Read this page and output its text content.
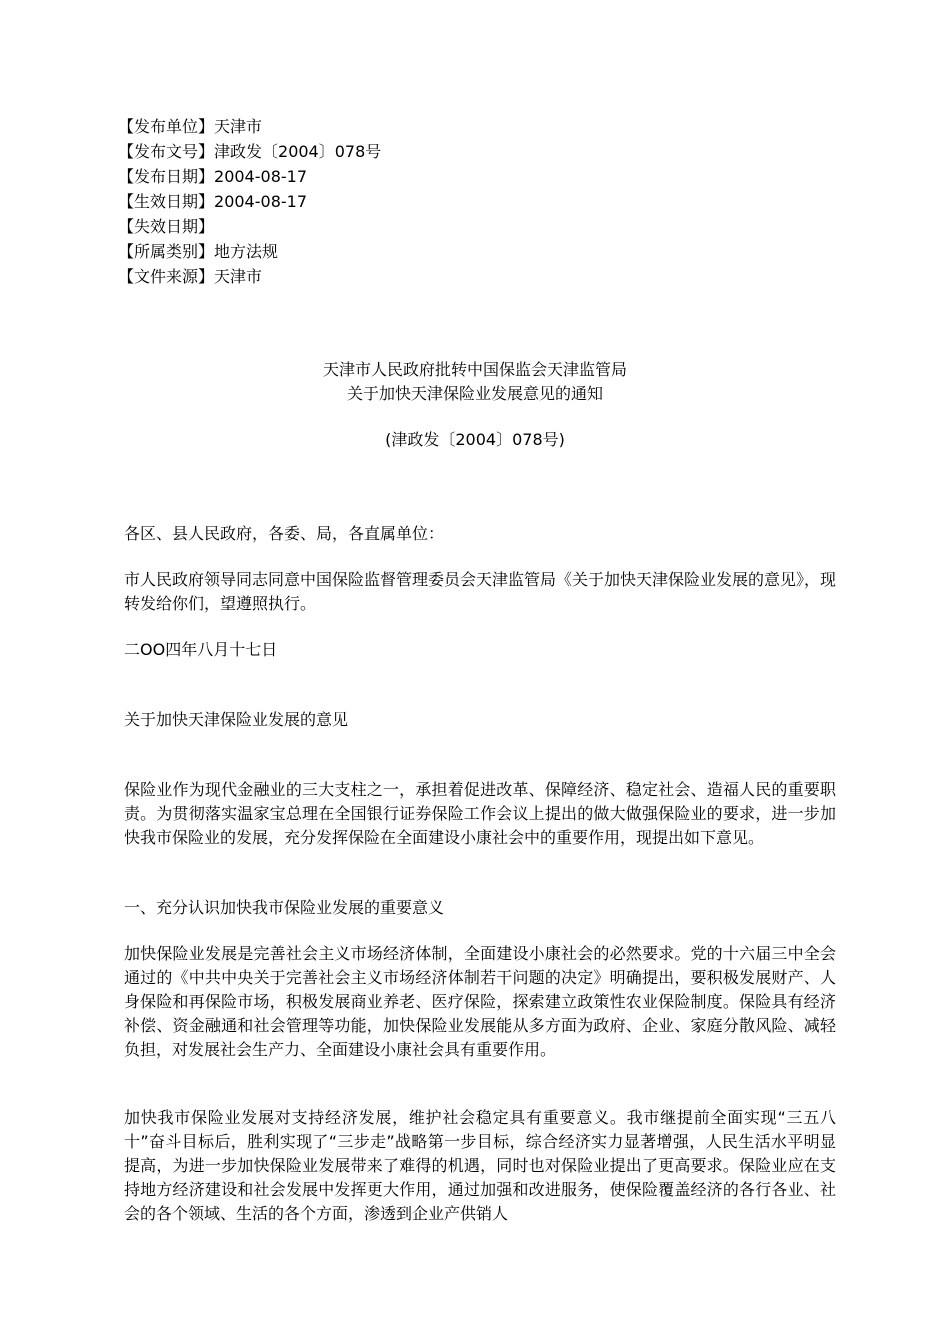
【发布单位】天津市
【发布文号】津政发〔2004〕078号
【发布日期】2004-08-17
【生效日期】2004-08-17
【失效日期】
【所属类别】地方法规
【文件来源】天津市
天津市人民政府批转中国保监会天津监管局
关于加快天津保险业发展意见的通知
(津政发〔2004〕078号)
各区、县人民政府，各委、局，各直属单位：
市人民政府领导同志同意中国保险监督管理委员会天津监管局《关于加快天津保险业发展的意见》，现转发给你们，望遵照执行。
二OO四年八月十七日
关于加快天津保险业发展的意见
保险业作为现代金融业的三大支柱之一，承担着促进改革、保障经济、稳定社会、造福人民的重要职责。为贯彻落实温家宝总理在全国银行证券保险工作会议上提出的做大做强保险业的要求，进一步加快我市保险业的发展，充分发挥保险在全面建设小康社会中的重要作用，现提出如下意见。
一、充分认识加快我市保险业发展的重要意义
加快保险业发展是完善社会主义市场经济体制，全面建设小康社会的必然要求。党的十六届三中全会通过的《中共中央关于完善社会主义市场经济体制若干问题的决定》明确提出，要积极发展财产、人身保险和再保险市场，积极发展商业养老、医疗保险，探索建立政策性农业保险制度。保险具有经济补偿、资金融通和社会管理等功能，加快保险业发展能从多方面为政府、企业、家庭分散风险、减轻负担，对发展社会生产力、全面建设小康社会具有重要作用。
加快我市保险业发展对支持经济发展，维护社会稳定具有重要意义。我市继提前全面实现“三五八十”奋斗目标后，胜利实现了“三步走”战略第一步目标，综合经济实力显著增强，人民生活水平明显提高，为进一步加快保险业发展带来了难得的机遇，同时也对保险业提出了更高要求。保险业应在支持地方经济建设和社会发展中发挥更大作用，通过加强和改进服务，使保险覆盖经济的各行各业、社会的各个领域、生活的各个方面，渗透到企业产供销人
